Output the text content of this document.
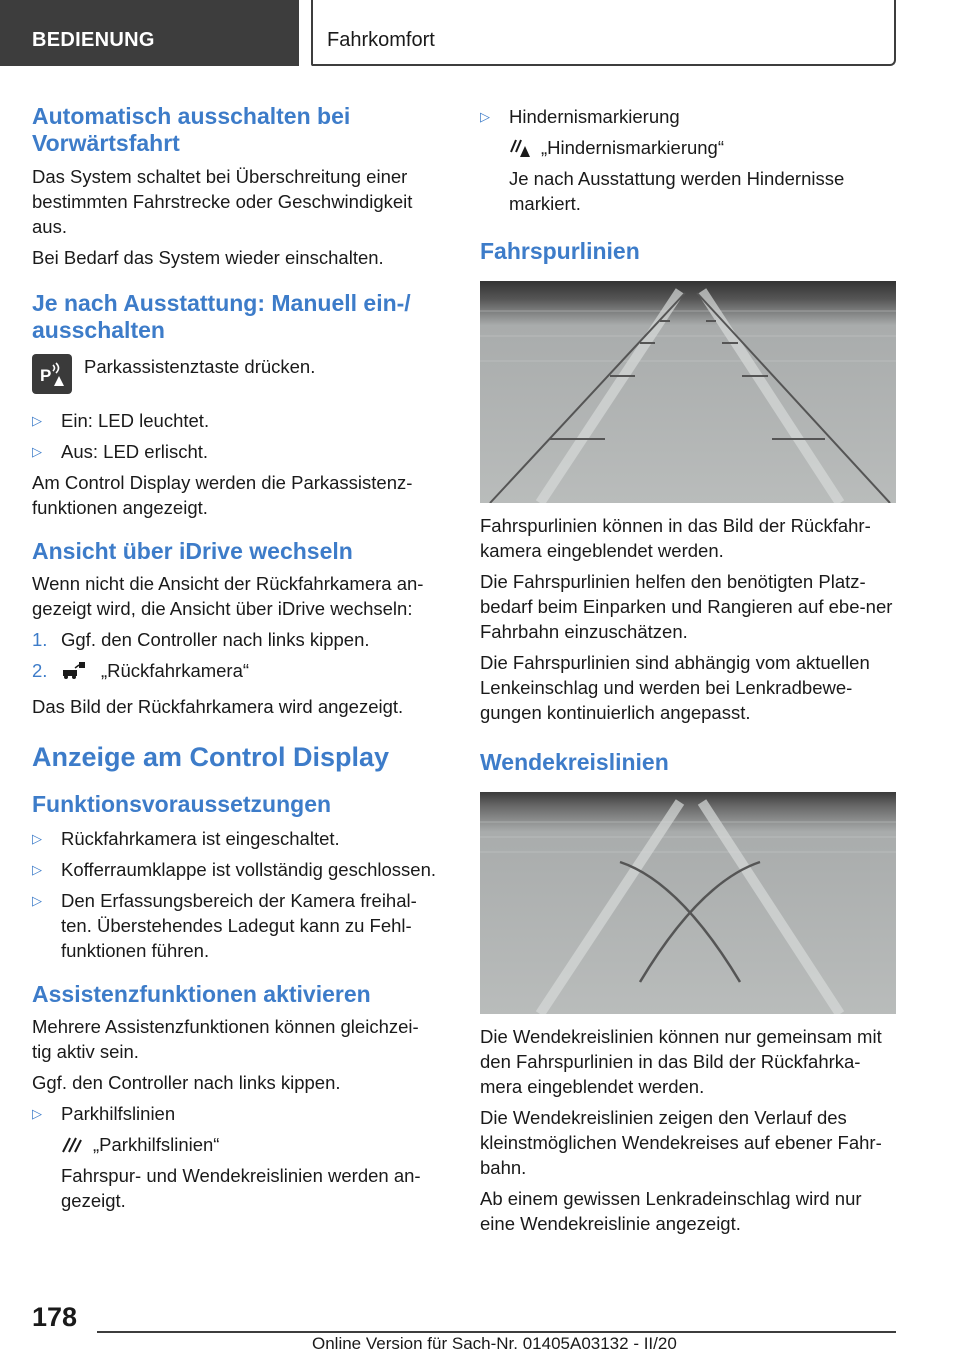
BEDIENUNG	Fahrkomfort
Automatisch ausschalten bei Vorwärtsfahrt

Das System schaltet bei Überschreitung einer bestimmten Fahrstrecke oder Geschwindigkeit aus.

Bei Bedarf das System wieder einschalten.

Je nach Ausstattung: Manuell ein-/ ausschalten
P Parkassistenztaste drücken.

▷ Ein: LED leuchtet.
▷ Aus: LED erlischt.

Am Control Display werden die Parkassistenz-funktionen angezeigt.

Ansicht über iDrive wechseln

Wenn nicht die Ansicht der Rückfahrkamera an-gezeigt wird, die Ansicht über iDrive wechseln:

1. Ggf. den Controller nach links kippen.
2.	„Rückfahrkamera“

Das Bild der Rückfahrkamera wird angezeigt.

Anzeige am Control Display
Funktionsvoraussetzungen
▷ Rückfahrkamera ist eingeschaltet.
▷ Kofferraumklappe ist vollständig geschlossen.
▷ Den Erfassungsbereich der Kamera freihal-ten. Überstehendes Ladegut kann zu Fehl-funktionen führen.
Assistenzfunktionen aktivieren

Mehrere Assistenzfunktionen können gleichzei-tig aktiv sein.

Ggf. den Controller nach links kippen.

▷ Parkhilfslinien

„Parkhilfslinien“

Fahrspur- und Wendekreislinien werden an-gezeigt.

▷ Hindernismarkierung

„Hindernismarkierung“

Je nach Ausstattung werden Hindernisse markiert.

Fahrspurlinien

Fahrspurlinien können in das Bild der Rückfahr-kamera eingeblendet werden.

Die Fahrspurlinien helfen den benötigten Platz-bedarf beim Einparken und Rangieren auf ebe-ner Fahrbahn einzuschätzen.

Die Fahrspurlinien sind abhängig vom aktuellen Lenkeinschlag und werden bei Lenkradbewe-gungen kontinuierlich angepasst.

Wendekreislinien

Die Wendekreislinien können nur gemeinsam mit den Fahrspurlinien in das Bild der Rückfahrka-mera eingeblendet werden.

Die Wendekreislinien zeigen den Verlauf des kleinstmöglichen Wendekreises auf ebener Fahr-bahn.

Ab einem gewissen Lenkradeinschlag wird nur eine Wendekreislinie angezeigt.

178
Online Version für Sach-Nr. 01405A03132 - II/20
